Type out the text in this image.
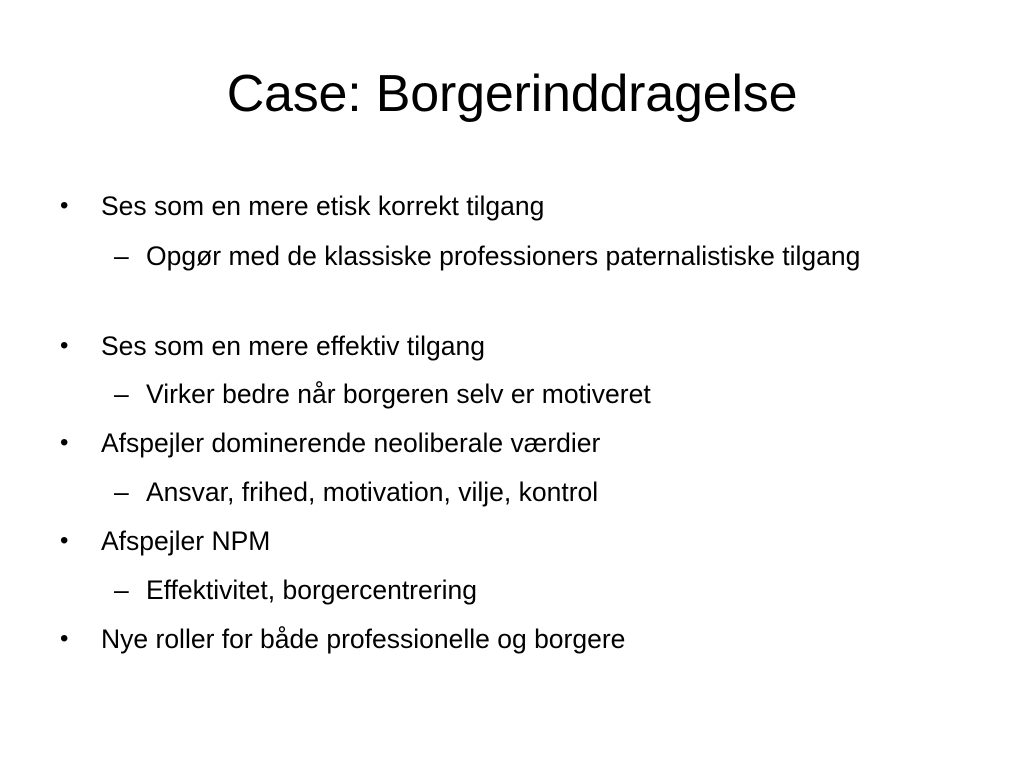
Case: Borgerinddragelse
• Ses som en mere etisk korrekt tilgang
– Opgør med de klassiske professioners paternalistiske tilgang
• Ses som en mere effektiv tilgang
– Virker bedre når borgeren selv er motiveret
• Afspejler dominerende neoliberale værdier
– Ansvar, frihed, motivation, vilje, kontrol
• Afspejler NPM
– Effektivitet, borgercentrering
• Nye roller for både professionelle og borgere
